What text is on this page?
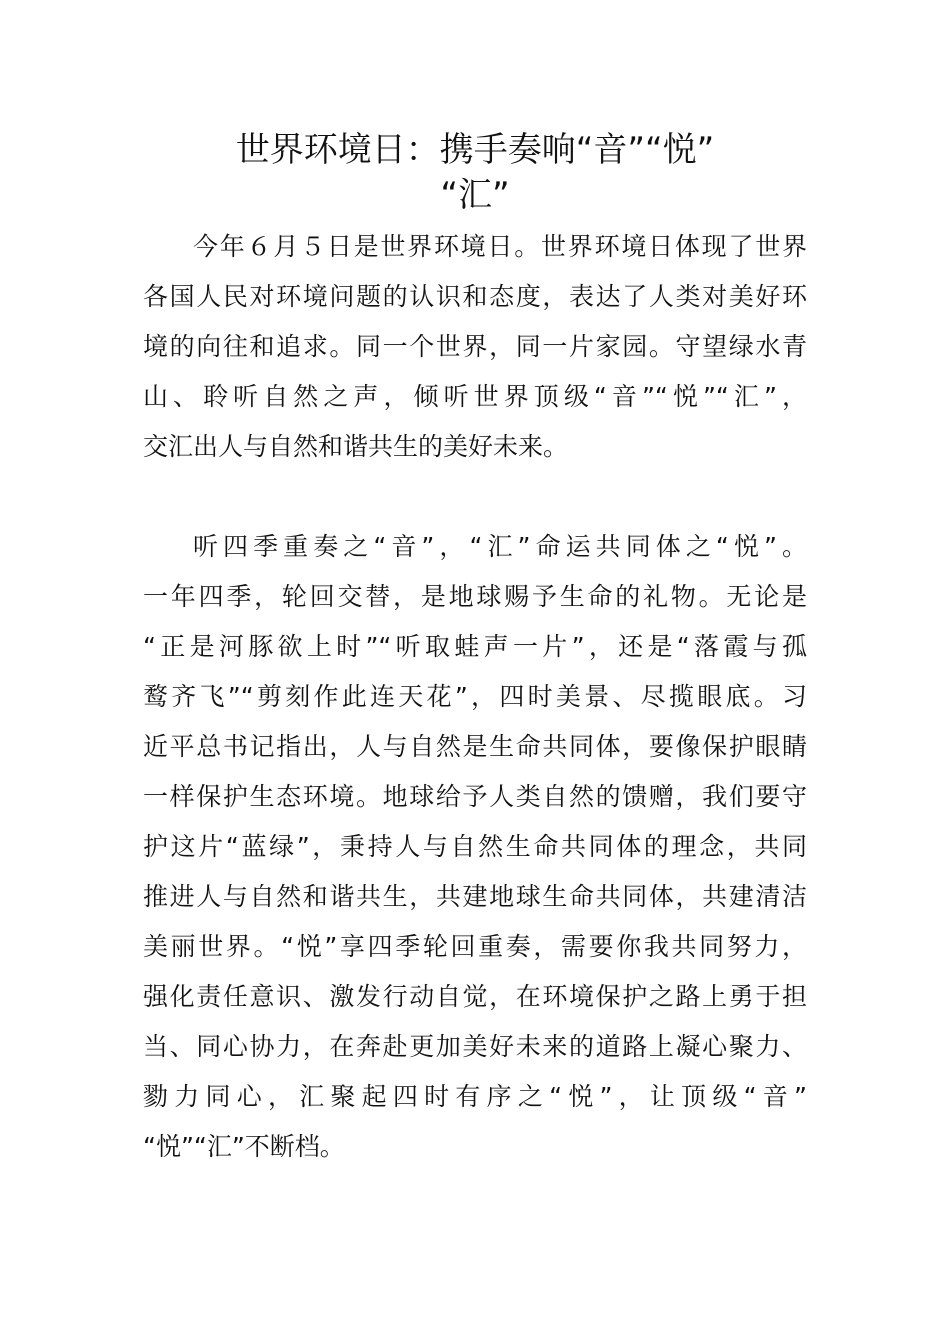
世界环境日：携手奏响“音”“悦”
“汇”
今年６月５日是世界环境日。世界环境日体现了世界
各国人民对环境问题的认识和态度，表达了人类对美好环
境的向往和追求。同一个世界，同一片家园。守望绿水青
山、聆听自然之声，倾听世界顶级“音”“悦”“汇”，
交汇出人与自然和谐共生的美好未来。
听四季重奏之“音”，“汇”命运共同体之“悦”。
一年四季，轮回交替，是地球赐予生命的礼物。无论是
“正是河豚欲上时”“听取蛙声一片”，还是“落霞与孤
鹜齐飞”“剪刻作此连天花”，四时美景、尽揽眼底。习
近平总书记指出，人与自然是生命共同体，要像保护眼睛
一样保护生态环境。地球给予人类自然的馈赠，我们要守
护这片“蓝绿”，秉持人与自然生命共同体的理念，共同
推进人与自然和谐共生，共建地球生命共同体，共建清洁
美丽世界。“悦”享四季轮回重奏，需要你我共同努力，
强化责任意识、激发行动自觉，在环境保护之路上勇于担
当、同心协力，在奔赴更加美好未来的道路上凝心聚力、
勠力同心，汇聚起四时有序之“悦”，让顶级“音”
“悦”“汇”不断档。
